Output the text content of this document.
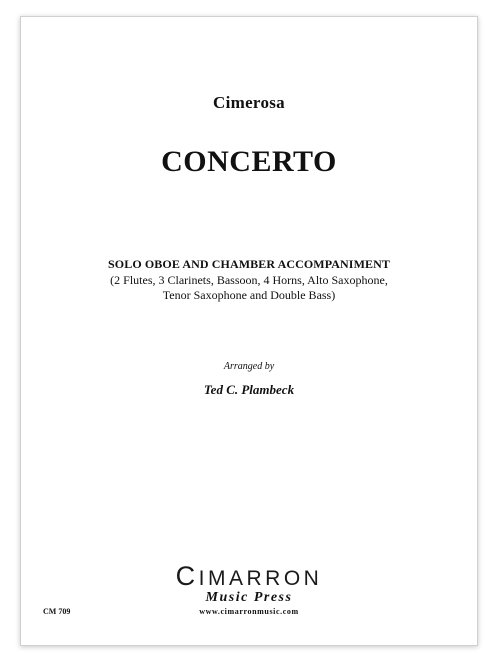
Cimerosa
CONCERTO
SOLO OBOE AND CHAMBER ACCOMPANIMENT
(2 Flutes, 3 Clarinets, Bassoon, 4 Horns, Alto Saxophone,
Tenor Saxophone and Double Bass)
Arranged by
Ted C. Plambeck
CIMARRON
Music Press
www.cimarronmusic.com
CM 709
